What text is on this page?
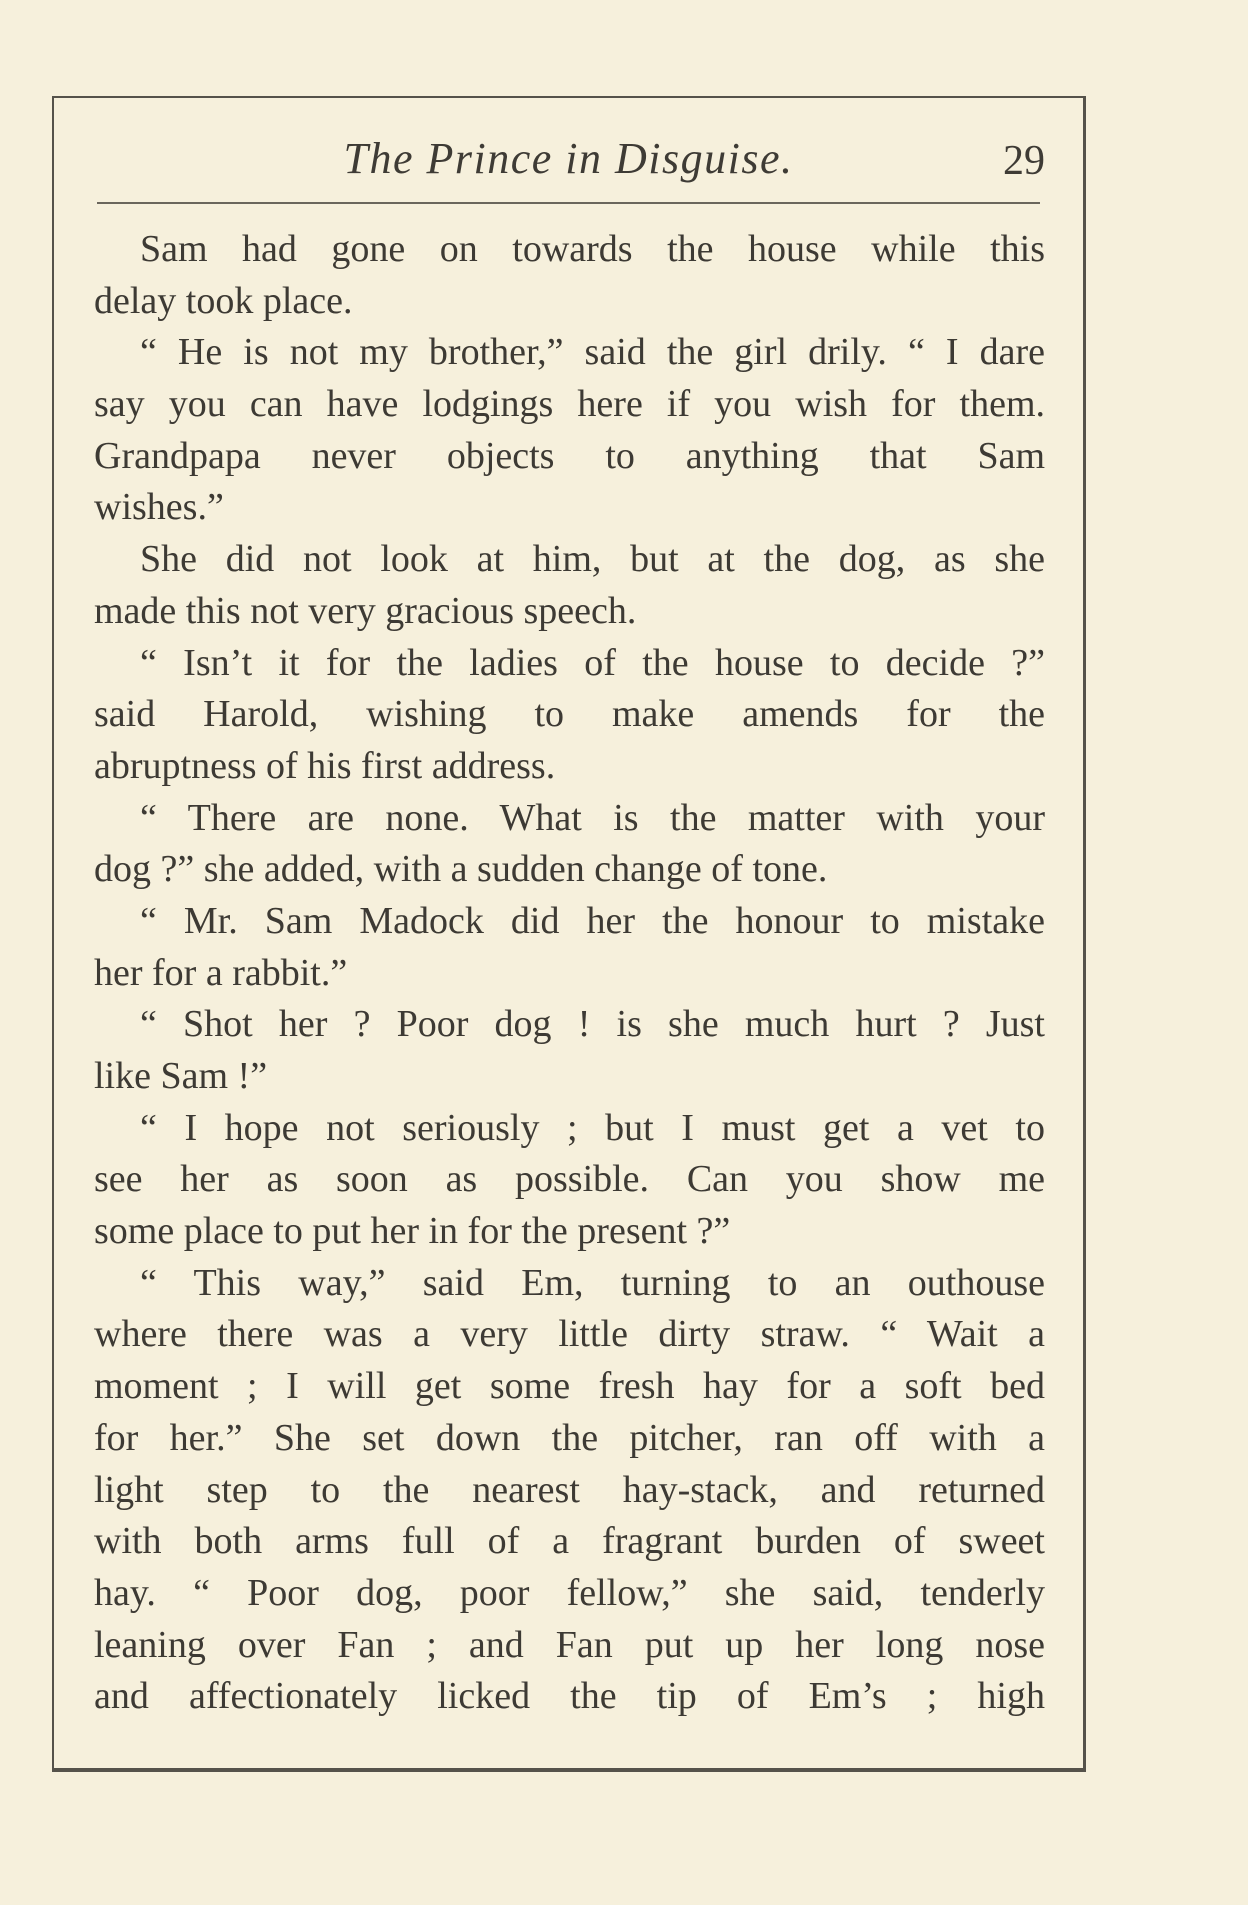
The Prince in Disguise.	29
Sam had gone on towards the house while this
delay took place.
“ He is not my brother,” said the girl drily. “ I dare
say you can have lodgings here if you wish for them.
Grandpapa never objects to anything that Sam
wishes.”
She did not look at him, but at the dog, as she
made this not very gracious speech.
“ Isn’t it for the ladies of the house to decide ?”
said Harold, wishing to make amends for the
abruptness of his first address.
“ There are none. What is the matter with your
dog ?” she added, with a sudden change of tone.
“ Mr. Sam Madock did her the honour to mistake
her for a rabbit.”
“ Shot her ? Poor dog ! is she much hurt ? Just
like Sam !”
“ I hope not seriously ; but I must get a vet to
see her as soon as possible. Can you show me
some place to put her in for the present ?”
“ This way,” said Em, turning to an outhouse
where there was a very little dirty straw. “ Wait a
moment ; I will get some fresh hay for a soft bed
for her.” She set down the pitcher, ran off with a
light step to the nearest hay-stack, and returned
with both arms full of a fragrant burden of sweet
hay. “ Poor dog, poor fellow,” she said, tenderly
leaning over Fan ; and Fan put up her long nose
and affectionately licked the tip of Em’s ; high
